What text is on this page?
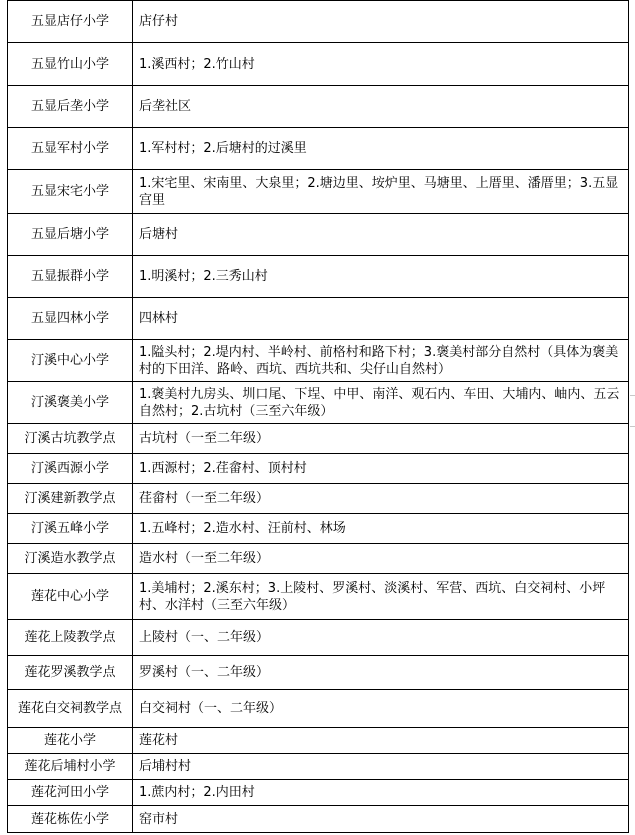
五显店仔小学	店仔村
五显竹山小学	1.溪西村；2.竹山村
五显后垄小学	后垄社区
五显军村小学	1.军村村；2.后塘村的过溪里
五显宋宅小学	1.宋宅里、宋南里、大泉里；2.塘边里、垵炉里、马塘里、上厝里、潘厝里；3.五显宫里
五显后塘小学	后塘村
五显振群小学	1.明溪村；2.三秀山村
五显四林小学	四林村
汀溪中心小学	1.隘头村；2.堤内村、半岭村、前格村和路下村；3.褒美村部分自然村（具体为褒美村的下田洋、路岭、西坑、西坑共和、尖仔山自然村）
汀溪褒美小学	1.褒美村九房头、圳口尾、下埕、中甲、南洋、观石内、车田、大埔内、岫内、五云自然村；2.古坑村（三至六年级）
汀溪古坑教学点	古坑村（一至二年级）
汀溪西源小学	1.西源村；2.荏畲村、顶村村
汀溪建新教学点	荏畲村（一至二年级）
汀溪五峰小学	1.五峰村；2.造水村、汪前村、林场
汀溪造水教学点	造水村（一至二年级）
莲花中心小学	1.美埔村；2.溪东村；3.上陵村、罗溪村、淡溪村、军营、西坑、白交祠村、小坪村、水洋村（三至六年级）
莲花上陵教学点	上陵村（一、二年级）
莲花罗溪教学点	罗溪村（一、二年级）
莲花白交祠教学点	白交祠村（一、二年级）
莲花小学	莲花村
莲花后埔村小学	后埔村村
莲花河田小学	1.蔗内村；2.内田村
莲花栋佐小学	窑市村
